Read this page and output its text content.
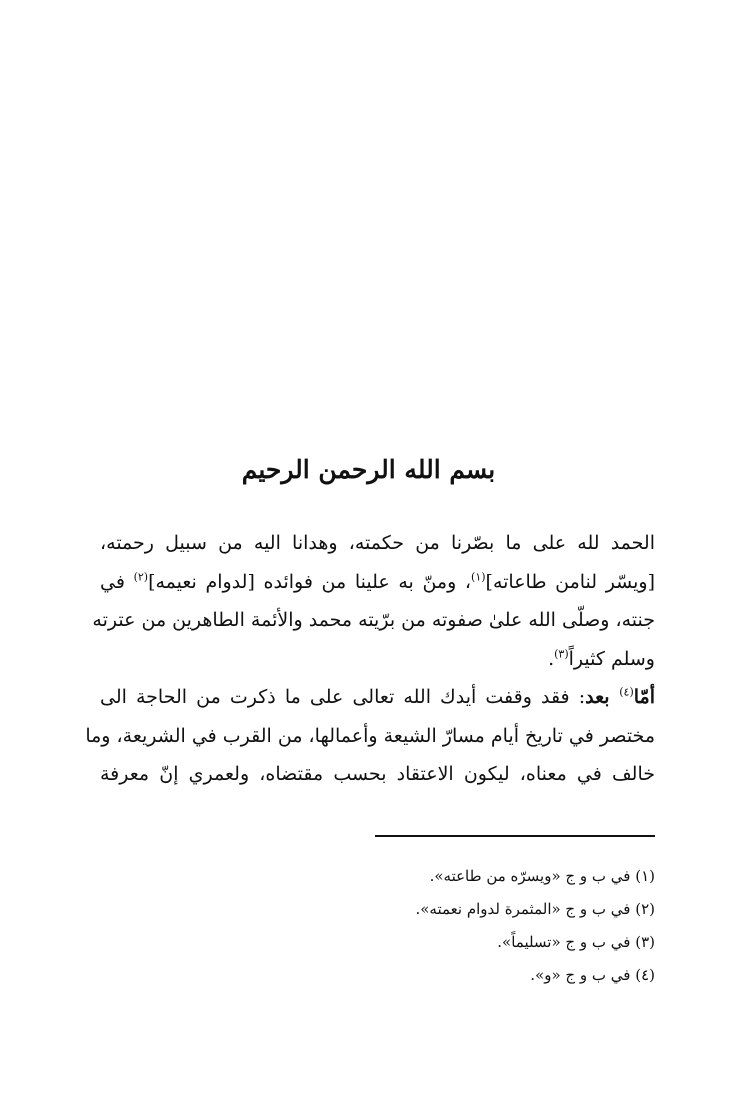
بسم الله الرحمن الرحيم
الحمد لله على ما بصّرنا من حكمته، وهدانا اليه من سبيل رحمته،
[ويسّر لنامن طاعاته]$^{(١)}$، ومنّ به علينا من فوائده [لدوام نعيمه]$^{(٢)}$ في
جنته، وصلّى الله علىٰ صفوته من برّيته محمد والأئمة الطاهرين من عترته
وسلم كثيراً$^{(٣)}$.
أمّا$^{(٤)}$ بعد: فقد وقفت أيدك الله تعالى على ما ذكرت من الحاجة الى
مختصر في تاريخ أيام مسارّ الشيعة وأعمالها، من القرب في الشريعة، وما
خالف في معناه، ليكون الاعتقاد بحسب مقتضاه، ولعمري إنّ معرفة
(١) في ب و ج «ويسرّه من طاعته».
(٢) في ب و ج «المثمرة لدوام نعمته».
(٣) في ب و ج «تسليماً».
(٤) في ب و ج «و».
